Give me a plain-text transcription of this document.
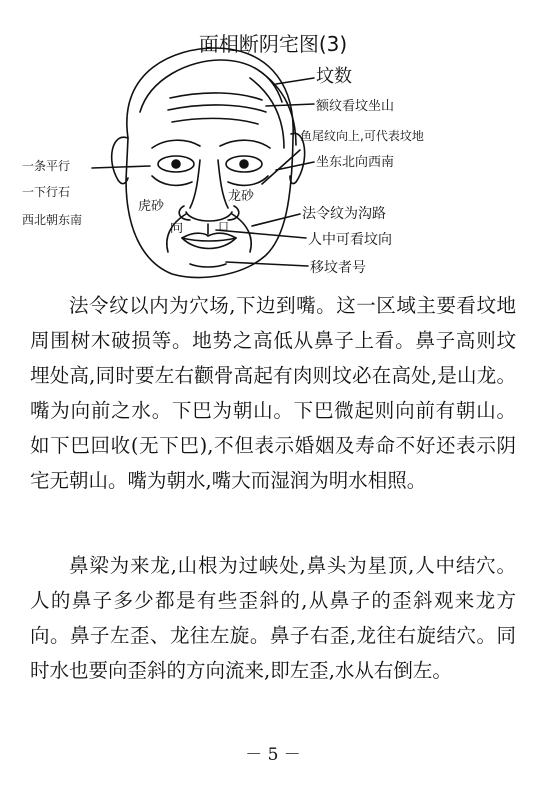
面相断阴宅图(3)
坟数
额纹看坟坐山
鱼尾纹向上,可代表坟地
坐东北向西南
一条平行
一下行石
西北朝东南
虎砂
龙砂
向	口
法令纹为沟路
人中可看坟向
移坟者号

法令纹以内为穴场,下边到嘴。这一区域主要看坟地周围树木破损等。地势之高低从鼻子上看。鼻子高则坟埋处高,同时要左右颧骨高起有肉则坟必在高处,是山龙。嘴为向前之水。下巴为朝山。下巴微起则向前有朝山。如下巴回收(无下巴),不但表示婚姻及寿命不好还表示阴宅无朝山。嘴为朝水,嘴大而湿润为明水相照。

鼻梁为来龙,山根为过峡处,鼻头为星顶,人中结穴。人的鼻子多少都是有些歪斜的,从鼻子的歪斜观来龙方向。鼻子左歪、龙往左旋。鼻子右歪,龙往右旋结穴。同时水也要向歪斜的方向流来,即左歪,水从右倒左。

－ 5 －
